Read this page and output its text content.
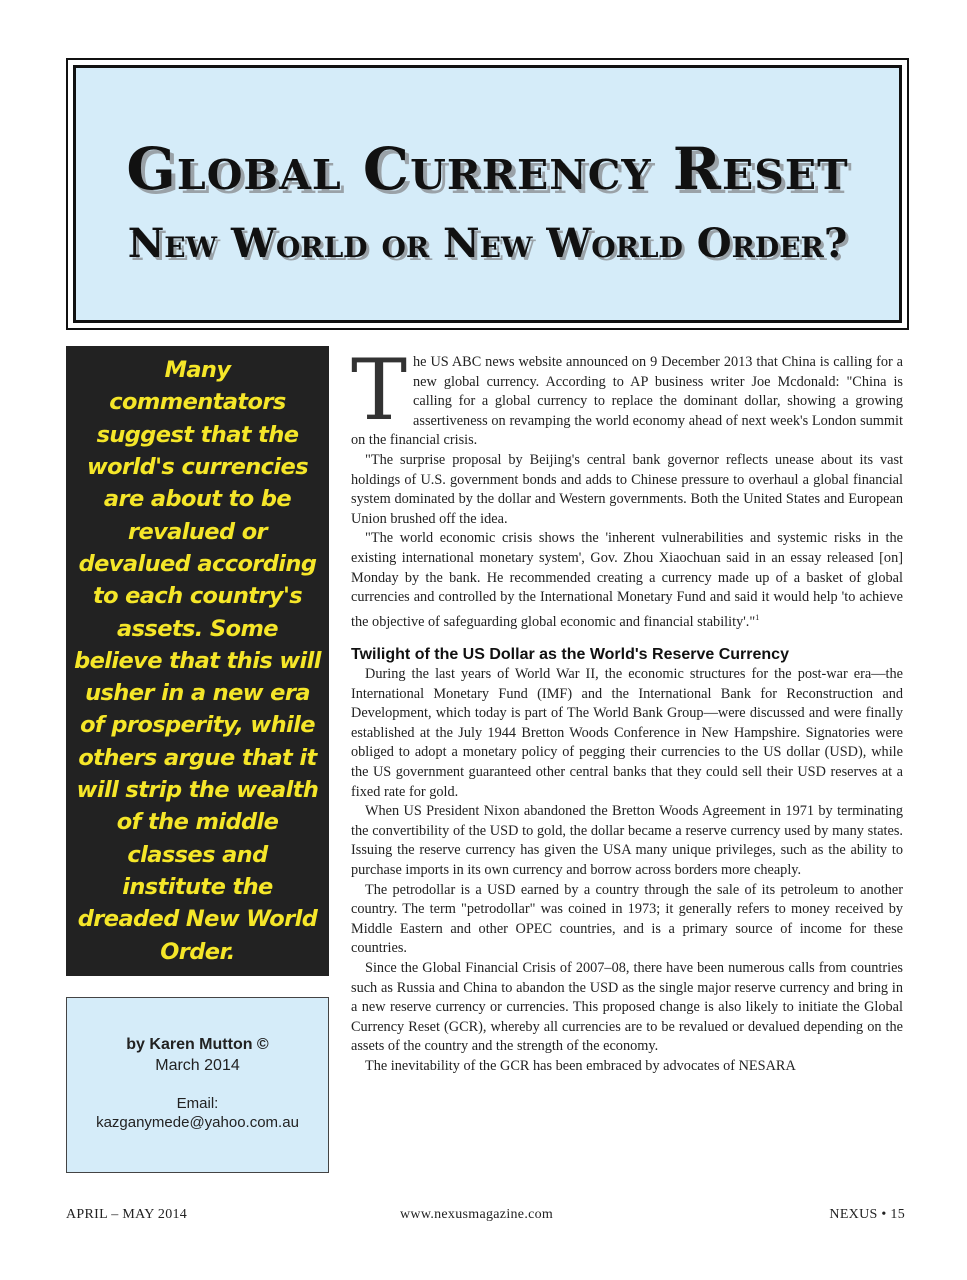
Global Currency Reset
New World or New World Order?

Many commentators suggest that the world's currencies are about to be revalued or devalued according to each country's assets. Some believe that this will usher in a new era of prosperity, while others argue that it will strip the wealth of the middle classes and institute the dreaded New World Order.

by Karen Mutton ©
March 2014
Email:
kazganymede@yahoo.com.au

The US ABC news website announced on 9 December 2013 that China is calling for a new global currency. According to AP business writer Joe Mcdonald: "China is calling for a global currency to replace the dominant dollar, showing a growing assertiveness on revamping the world economy ahead of next week's London summit on the financial crisis.

"The surprise proposal by Beijing's central bank governor reflects unease about its vast holdings of U.S. government bonds and adds to Chinese pressure to overhaul a global financial system dominated by the dollar and Western governments. Both the United States and European Union brushed off the idea.

"The world economic crisis shows the 'inherent vulnerabilities and systemic risks in the existing international monetary system', Gov. Zhou Xiaochuan said in an essay released [on] Monday by the bank. He recommended creating a currency made up of a basket of global currencies and controlled by the International Monetary Fund and said it would help 'to achieve the objective of safeguarding global economic and financial stability'."$^1$

Twilight of the US Dollar as the World's Reserve Currency

During the last years of World War II, the economic structures for the post-war era—the International Monetary Fund (IMF) and the International Bank for Reconstruction and Development, which today is part of The World Bank Group—were discussed and were finally established at the July 1944 Bretton Woods Conference in New Hampshire. Signatories were obliged to adopt a monetary policy of pegging their currencies to the US dollar (USD), while the US government guaranteed other central banks that they could sell their USD reserves at a fixed rate for gold.

When US President Nixon abandoned the Bretton Woods Agreement in 1971 by terminating the convertibility of the USD to gold, the dollar became a reserve currency used by many states. Issuing the reserve currency has given the USA many unique privileges, such as the ability to purchase imports in its own currency and borrow across borders more cheaply.

The petrodollar is a USD earned by a country through the sale of its petroleum to another country. The term "petrodollar" was coined in 1973; it generally refers to money received by Middle Eastern and other OPEC countries, and is a primary source of income for these countries.

Since the Global Financial Crisis of 2007–08, there have been numerous calls from countries such as Russia and China to abandon the USD as the single major reserve currency and bring in a new reserve currency or currencies. This proposed change is also likely to initiate the Global Currency Reset (GCR), whereby all currencies are to be revalued or devalued depending on the assets of the country and the strength of the economy.

The inevitability of the GCR has been embraced by advocates of NESARA

APRIL – MAY 2014	www.nexusmagazine.com	NEXUS • 15
